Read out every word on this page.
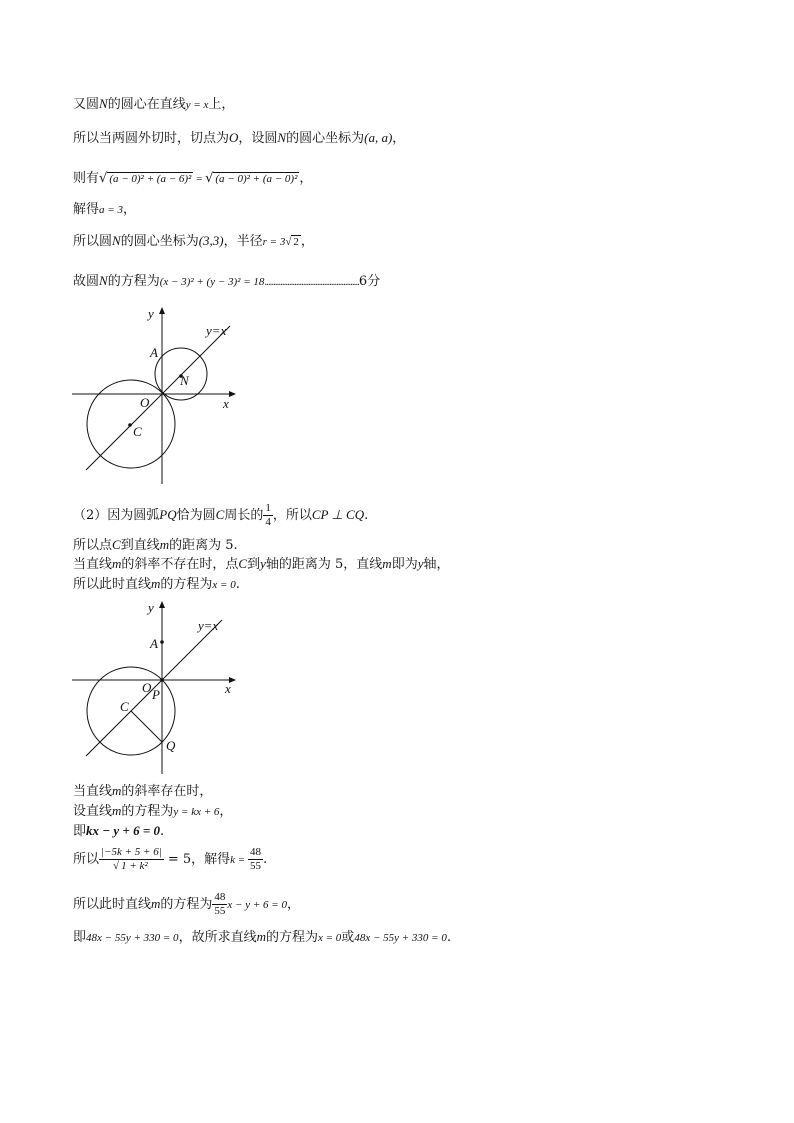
又圆N的圆心在直线y = x上，
所以当两圆外切时，切点为O，设圆N的圆心坐标为(a, a)，
则有√ (a − 0)² + (a − 6)² = √ (a − 0)² + (a − 0)² ，
解得a = 3，
所以圆N的圆心坐标为(3,3)，半径r = 3√ 2 ，
故圆N的方程为(x − 3)² + (y − 3)² = 18......................................................6分
y
x
y=x
A
N
O
C
（2）因为圆弧PQ恰为圆C周长的 $\frac{1}{4}$ ，所以CP ⊥ CQ.
所以点C到直线m的距离为 5.
当直线m的斜率不存在时，点C到y轴的距离为 5，直线m即为y轴，
所以此时直线m的方程为x = 0.
y
x
y=x
A
O P
C
Q
当直线m的斜率存在时，
设直线m的方程为y = kx + 6，
即kx − y + 6 = 0.
所以 $\frac{|-5k + 5 + 6|}{\text{√ 1 + k²}} = 5$，解得$k = \frac{48}{55}$ .
所以此时直线m的方程为 $\frac{48}{55}$ x − y + 6 = 0，
即48x − 55y + 330 = 0，故所求直线m的方程为x = 0或48x − 55y + 330 = 0.
